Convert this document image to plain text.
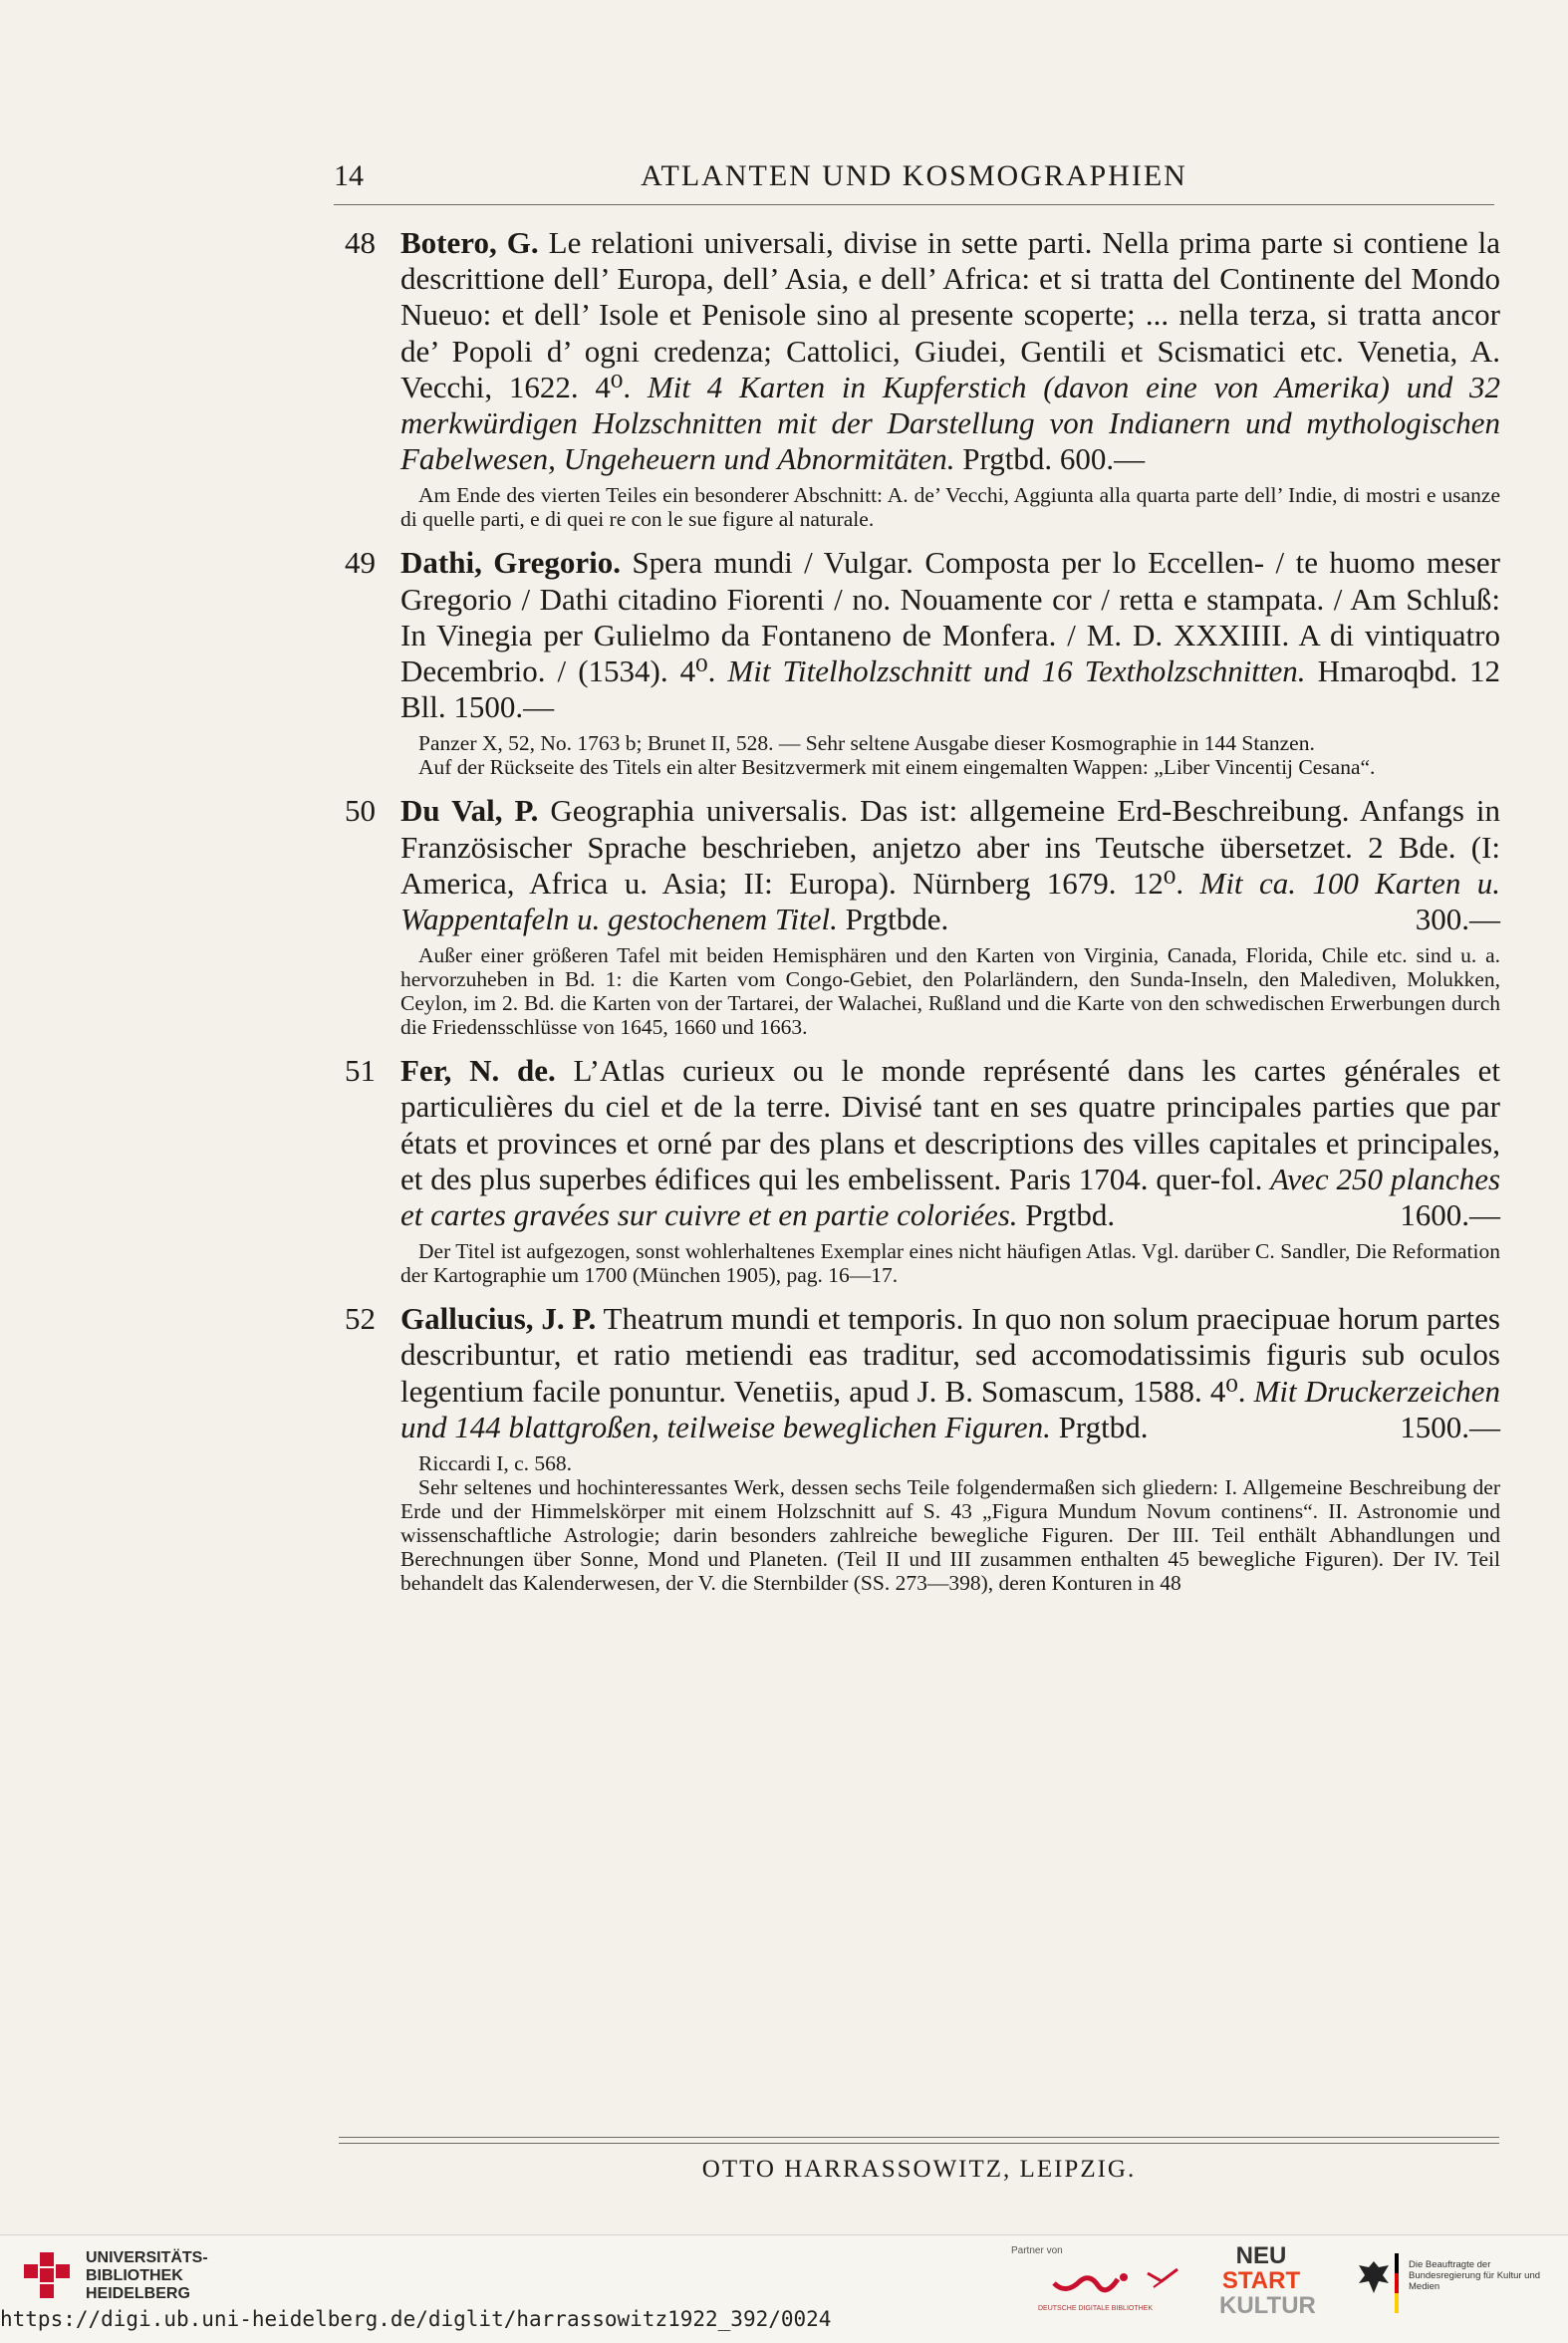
14	ATLANTEN UND KOSMOGRAPHIEN
48 Botero, G. Le relationi universali, divise in sette parti. Nella prima parte si contiene la descrittione dell’ Europa, dell’ Asia, e dell’ Africa: et si tratta del Continente del Mondo Nueuo: et dell’ Isole et Penisole sino al presente scoperte; ... nella terza, si tratta ancor de’ Popoli d’ ogni credenza; Cattolici, Giudei, Gentili et Scismatici etc. Venetia, A. Vecchi, 1622. 4⁰. Mit 4 Karten in Kupferstich (davon eine von Amerika) und 32 merkwürdigen Holzschnitten mit der Darstellung von Indianern und mythologischen Fabelwesen, Ungeheuern und Abnormitäten. Prgtbd. 600.—

Am Ende des vierten Teiles ein besonderer Abschnitt: A. de’ Vecchi, Aggiunta alla quarta parte dell’ Indie, di mostri e usanze di quelle parti, e di quei re con le sue figure al naturale.

49 Dathi, Gregorio. Spera mundi / Vulgar. Composta per lo Eccellen- / te huomo meser Gregorio / Dathi citadino Fiorenti / no. Nouamente cor / retta e stampata. / Am Schluß: In Vinegia per Gulielmo da Fontaneno de Monfera. / M. D. XXXIIII. A di vintiquatro Decembrio. / (1534). 4⁰. Mit Titelholzschnitt und 16 Textholzschnitten. Hmaroqbd. 12 Bll. 1500.—

Panzer X, 52, No. 1763 b; Brunet II, 528. — Sehr seltene Ausgabe dieser Kosmographie in 144 Stanzen.

Auf der Rückseite des Titels ein alter Besitzvermerk mit einem eingemalten Wappen: „Liber Vincentij Cesana“.

50 Du Val, P. Geographia universalis. Das ist: allgemeine Erd-Beschreibung. Anfangs in Französischer Sprache beschrieben, anjetzo aber ins Teutsche übersetzet. 2 Bde. (I: America, Africa u. Asia; II: Europa). Nürnberg 1679. 12⁰. Mit ca. 100 Karten u. Wappentafeln u. gestochenem Titel. Prgtbde.	300.—

Außer einer größeren Tafel mit beiden Hemisphären und den Karten von Virginia, Canada, Florida, Chile etc. sind u. a. hervorzuheben in Bd. 1: die Karten vom Congo-Gebiet, den Polarländern, den Sunda-Inseln, den Malediven, Molukken, Ceylon, im 2. Bd. die Karten von der Tartarei, der Walachei, Rußland und die Karte von den schwedischen Erwerbungen durch die Friedensschlüsse von 1645, 1660 und 1663.

51 Fer, N. de. L’Atlas curieux ou le monde représenté dans les cartes générales et particulières du ciel et de la terre. Divisé tant en ses quatre principales parties que par états et provinces et orné par des plans et descriptions des villes capitales et principales, et des plus superbes édifices qui les embelissent. Paris 1704. quer-fol. Avec 250 planches et cartes gravées sur cuivre et en partie coloriées. Prgtbd.	1600.—

Der Titel ist aufgezogen, sonst wohlerhaltenes Exemplar eines nicht häufigen Atlas. Vgl. darüber C. Sandler, Die Reformation der Kartographie um 1700 (München 1905), pag. 16—17.

52 Gallucius, J. P. Theatrum mundi et temporis. In quo non solum praecipuae horum partes describuntur, et ratio metiendi eas traditur, sed accomodatissimis figuris sub oculos legentium facile ponuntur. Venetiis, apud J. B. Somascum, 1588. 4⁰. Mit Druckerzeichen und 144 blattgroßen, teilweise beweglichen Figuren. Prgtbd.	1500.—

Riccardi I, c. 568.

Sehr seltenes und hochinteressantes Werk, dessen sechs Teile folgendermaßen sich gliedern: I. Allgemeine Beschreibung der Erde und der Himmelskörper mit einem Holzschnitt auf S. 43 „Figura Mundum Novum continens“. II. Astronomie und wissenschaftliche Astrologie; darin besonders zahlreiche bewegliche Figuren. Der III. Teil enthält Abhandlungen und Berechnungen über Sonne, Mond und Planeten. (Teil II und III zusammen enthalten 45 bewegliche Figuren). Der IV. Teil behandelt das Kalenderwesen, der V. die Sternbilder (SS. 273—398), deren Konturen in 48

OTTO HARRASSOWITZ, LEIPZIG.
UNIVERSITÄTS-
BIBLIOTHEK
HEIDELBERG
Partner von
DEUTSCHE DIGITALE BIBLIOTHEK
NEU
START
KULTUR
Die Beauftragte der Bundesregierung für Kultur und Medien
https://digi.ub.uni-heidelberg.de/diglit/harrassowitz1922_392/0024
